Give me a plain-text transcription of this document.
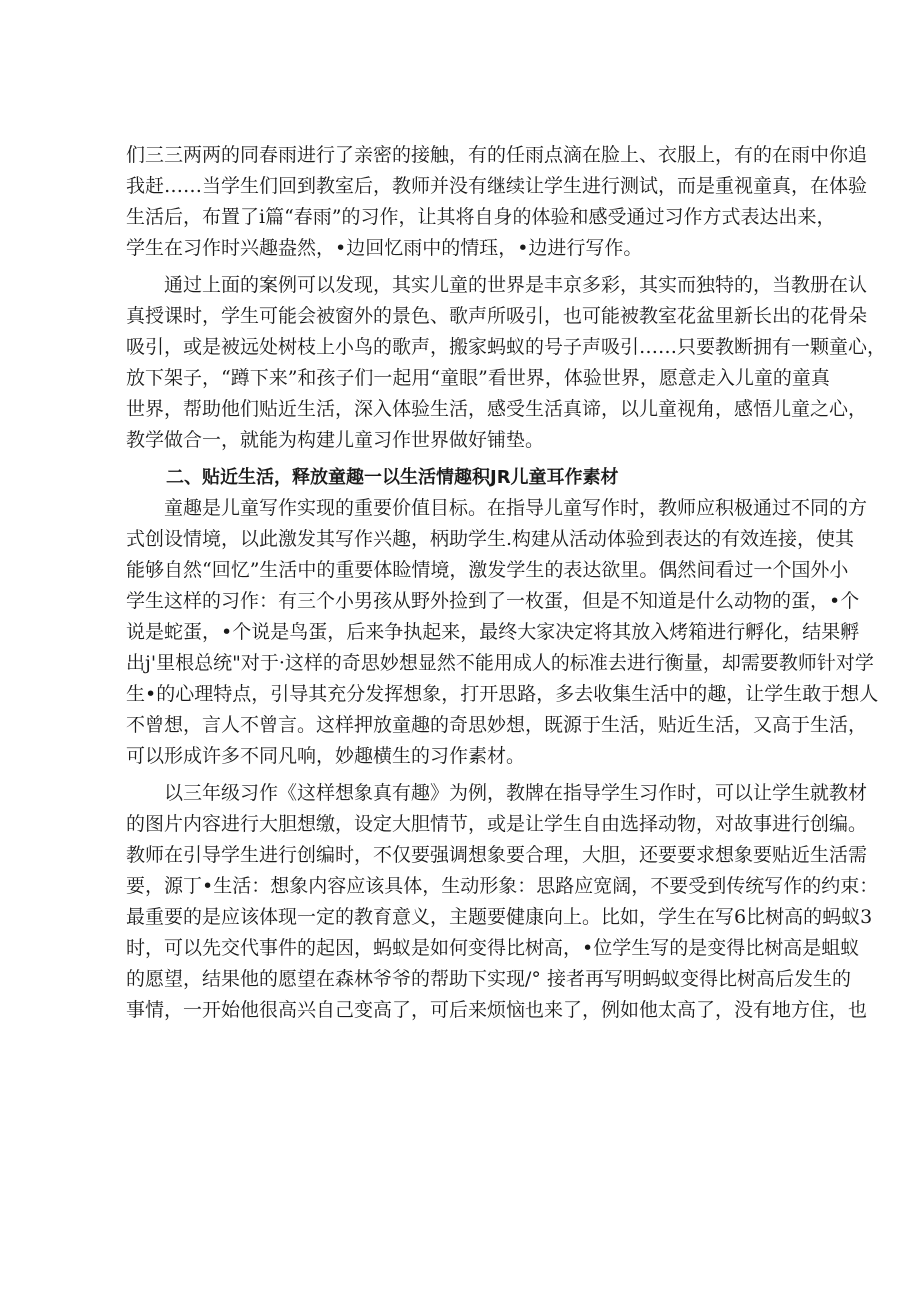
们三三两两的同春雨进行了亲密的接触，有的任雨点滴在脸上、衣服上，有的在雨中你追
我赶……当学生们回到教室后，教师并没有继续让学生进行测试，而是重视童真，在体验
生活后，布置了i篇“春雨”的习作，让其将自身的体验和感受通过习作方式表达出来，
学生在习作时兴趣盎然，•边回忆雨中的情珏，•边进行写作。
通过上面的案例可以发现，其实儿童的世界是丰京多彩，其实而独特的，当教册在认
真授课时，学生可能会被窗外的景色、歌声所吸引，也可能被教室花盆里新长出的花骨朵
吸引，或是被远处树枝上小鸟的歌声，搬家蚂蚁的号子声吸引……只要教断拥有一颗童心，
放下架子，“蹲下来”和孩子们一起用“童眼”看世界，体验世界，愿意走入儿童的童真
世界，帮助他们贴近生活，深入体验生活，感受生活真谛，以儿童视角，感悟儿童之心，
教学做合一，就能为构建儿童习作世界做好铺垫。
二、贴近生活，释放童趣一以生活情趣积JR儿童耳作素材
童趣是儿童写作实现的重要价值目标。在指导儿童写作时，教师应积极通过不同的方
式创设情境，以此激发其写作兴趣，柄助学生.构建从活动体验到表达的有效连接，使其
能够自然“回忆”生活中的重要体睑情境，激发学生的表达欲里。偶然间看过一个国外小
学生这样的习作：有三个小男孩从野外捡到了一枚蛋，但是不知道是什么动物的蛋，•个
说是蛇蛋，•个说是鸟蛋，后来争执起来，最终大家决定将其放入烤箱进行孵化，结果孵
出j'里根总统"对于·这样的奇思妙想显然不能用成人的标准去进行衡量，却需要教师针对学
生•的心理特点，引导其充分发挥想象，打开思路，多去收集生活中的趣，让学生敢于想人
不曾想，言人不曾言。这样押放童趣的奇思妙想，既源于生活，贴近生活，又高于生活，
可以形成许多不同凡响，妙趣横生的习作素材。
以三年级习作《这样想象真有趣》为例，教牌在指导学生习作时，可以让学生就教材
的图片内容进行大胆想缴，设定大胆情节，或是让学生自由选择动物，对故事进行创编。
教师在引导学生进行创编时，不仅要强调想象要合理，大胆，还要要求想象要贴近生活需
要，源丁•生活：想象内容应该具体，生动形象：思路应宽阔，不要受到传统写作的约束：
最重要的是应该体现一定的教育意义，主题要健康向上。比如，学生在写6比树高的蚂蚁3
时，可以先交代事件的起因，蚂蚁是如何变得比树高，•位学生写的是变得比树高是蛆蚁
的愿望，结果他的愿望在森林爷爷的帮助下实现/° 接者再写明蚂蚁变得比树高后发生的
事情，一开始他很高兴自己变高了，可后来烦恼也来了，例如他太高了，没有地方住，也
